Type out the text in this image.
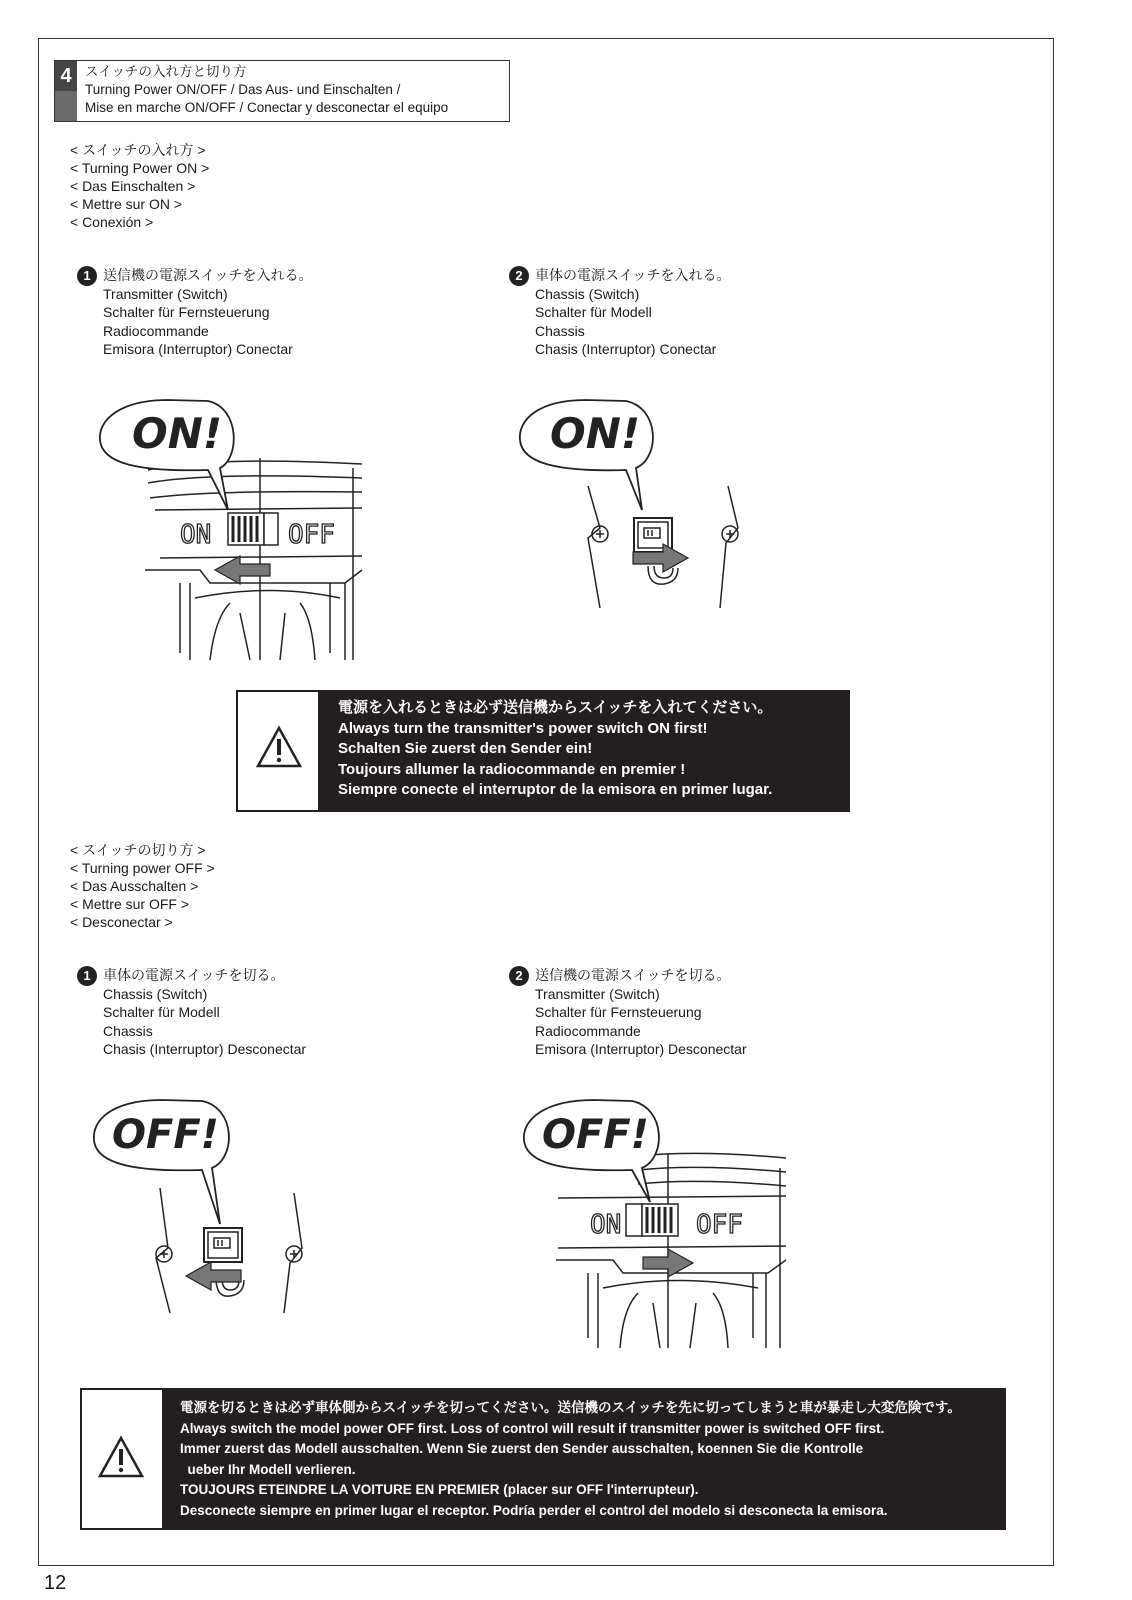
4 スイッチの入れ方と切り方
Turning Power ON/OFF / Das Aus- und Einschalten /
Mise en marche ON/OFF / Conectar y desconectar el equipo
< スイッチの入れ方 >
< Turning Power ON >
< Das Einschalten >
< Mettre sur ON >
< Conexión >
1 送信機の電源スイッチを入れる。
Transmitter (Switch)
Schalter für Fernsteuerung
Radiocommande
Emisora (Interruptor) Conectar
2 車体の電源スイッチを入れる。
Chassis (Switch)
Schalter für Modell
Chassis
Chasis (Interruptor) Conectar
ON	OFF
ON!	ON!
電源を入れるときは必ず送信機からスイッチを入れてください。
Always turn the transmitter's power switch ON first!
Schalten Sie zuerst den Sender ein!
Toujours allumer la radiocommande en premier !
Siempre conecte el interruptor de la emisora en primer lugar.
< スイッチの切り方 >
< Turning power OFF >
< Das Ausschalten >
< Mettre sur OFF >
< Desconectar >
1 車体の電源スイッチを切る。
Chassis (Switch)
Schalter für Modell
Chassis
Chasis (Interruptor) Desconectar
2 送信機の電源スイッチを切る。
Transmitter (Switch)
Schalter für Fernsteuerung
Radiocommande
Emisora (Interruptor) Desconectar
OFF!
ON	OFF
OFF!
電源を切るときは必ず車体側からスイッチを切ってください。送信機のスイッチを先に切ってしまうと車が暴走し大変危険です。
Always switch the model power OFF first. Loss of control will result if transmitter power is switched OFF first.
Immer zuerst das Modell ausschalten. Wenn Sie zuerst den Sender ausschalten, koennen Sie die Kontrolle
ueber Ihr Modell verlieren.
TOUJOURS ETEINDRE LA VOITURE EN PREMIER (placer sur OFF l'interrupteur).
Desconecte siempre en primer lugar el receptor. Podría perder el control del modelo si desconecta la emisora.
12
